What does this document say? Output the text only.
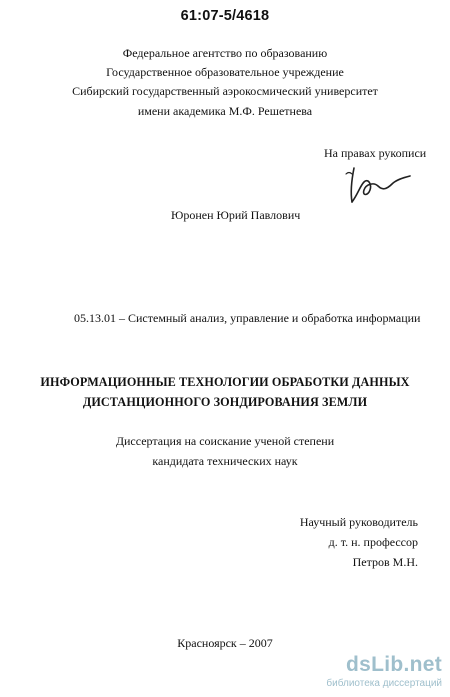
61:07-5/4618
Федеральное агентство по образованию
Государственное образовательное учреждение
Сибирский государственный аэрокосмический университет
имени академика М.Ф. Решетнева
На правах рукописи
Юронен Юрий Павлович
05.13.01 – Системный анализ, управление и обработка информации
ИНФОРМАЦИОННЫЕ ТЕХНОЛОГИИ ОБРАБОТКИ ДАННЫХ
ДИСТАНЦИОННОГО ЗОНДИРОВАНИЯ ЗЕМЛИ
Диссертация на соискание ученой степени
кандидата технических наук
Научный руководитель
д. т. н. профессор
Петров М.Н.
Красноярск – 2007
dsLib.net
библиотека диссертаций
